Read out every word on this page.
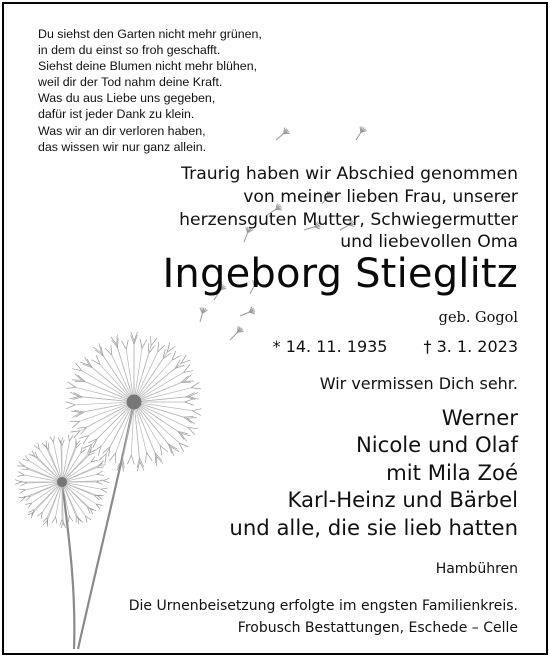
Du siehst den Garten nicht mehr grünen,
in dem du einst so froh geschafft.
Siehst deine Blumen nicht mehr blühen,
weil dir der Tod nahm deine Kraft.
Was du aus Liebe uns gegeben,
dafür ist jeder Dank zu klein.
Was wir an dir verloren haben,
das wissen wir nur ganz allein.
Traurig haben wir Abschied genommen
von meiner lieben Frau, unserer
herzensguten Mutter, Schwiegermutter
und liebevollen Oma
Ingeborg Stieglitz
geb. Gogol
* 14. 11. 1935 † 3. 1. 2023
Wir vermissen Dich sehr.
Werner
Nicole und Olaf
mit Mila Zoé
Karl-Heinz und Bärbel
und alle, die sie lieb hatten
Hambühren
Die Urnenbeisetzung erfolgte im engsten Familienkreis.
Frobusch Bestattungen, Eschede – Celle
